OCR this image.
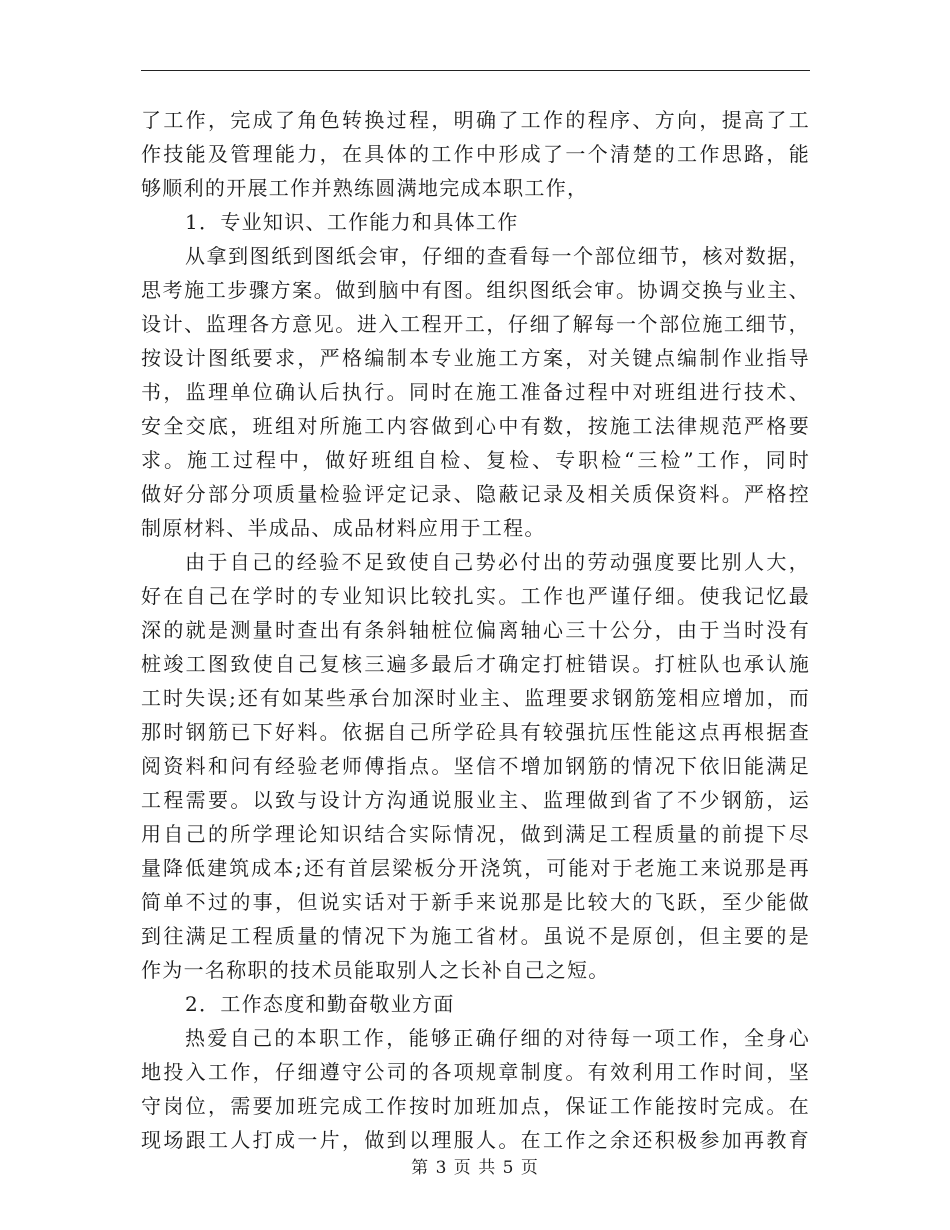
了工作，完成了角色转换过程，明确了工作的程序、方向，提高了工
作技能及管理能力，在具体的工作中形成了一个清楚的工作思路，能
够顺利的开展工作并熟练圆满地完成本职工作，
1．专业知识、工作能力和具体工作
从拿到图纸到图纸会审，仔细的查看每一个部位细节，核对数据，
思考施工步骤方案。做到脑中有图。组织图纸会审。协调交换与业主、
设计、监理各方意见。进入工程开工，仔细了解每一个部位施工细节，
按设计图纸要求，严格编制本专业施工方案，对关键点编制作业指导
书，监理单位确认后执行。同时在施工准备过程中对班组进行技术、
安全交底，班组对所施工内容做到心中有数，按施工法律规范严格要
求。施工过程中，做好班组自检、复检、专职检“三检”工作，同时
做好分部分项质量检验评定记录、隐蔽记录及相关质保资料。严格控
制原材料、半成品、成品材料应用于工程。
由于自己的经验不足致使自己势必付出的劳动强度要比别人大，
好在自己在学时的专业知识比较扎实。工作也严谨仔细。使我记忆最
深的就是测量时查出有条斜轴桩位偏离轴心三十公分，由于当时没有
桩竣工图致使自己复核三遍多最后才确定打桩错误。打桩队也承认施
工时失误;还有如某些承台加深时业主、监理要求钢筋笼相应增加，而
那时钢筋已下好料。依据自己所学砼具有较强抗压性能这点再根据查
阅资料和问有经验老师傅指点。坚信不增加钢筋的情况下依旧能满足
工程需要。以致与设计方沟通说服业主、监理做到省了不少钢筋，运
用自己的所学理论知识结合实际情况，做到满足工程质量的前提下尽
量降低建筑成本;还有首层梁板分开浇筑，可能对于老施工来说那是再
简单不过的事，但说实话对于新手来说那是比较大的飞跃，至少能做
到往满足工程质量的情况下为施工省材。虽说不是原创，但主要的是
作为一名称职的技术员能取别人之长补自己之短。
2．工作态度和勤奋敬业方面
热爱自己的本职工作，能够正确仔细的对待每一项工作，全身心
地投入工作，仔细遵守公司的各项规章制度。有效利用工作时间，坚
守岗位，需要加班完成工作按时加班加点，保证工作能按时完成。在
现场跟工人打成一片，做到以理服人。在工作之余还积极参加再教育
第 3 页 共 5 页
